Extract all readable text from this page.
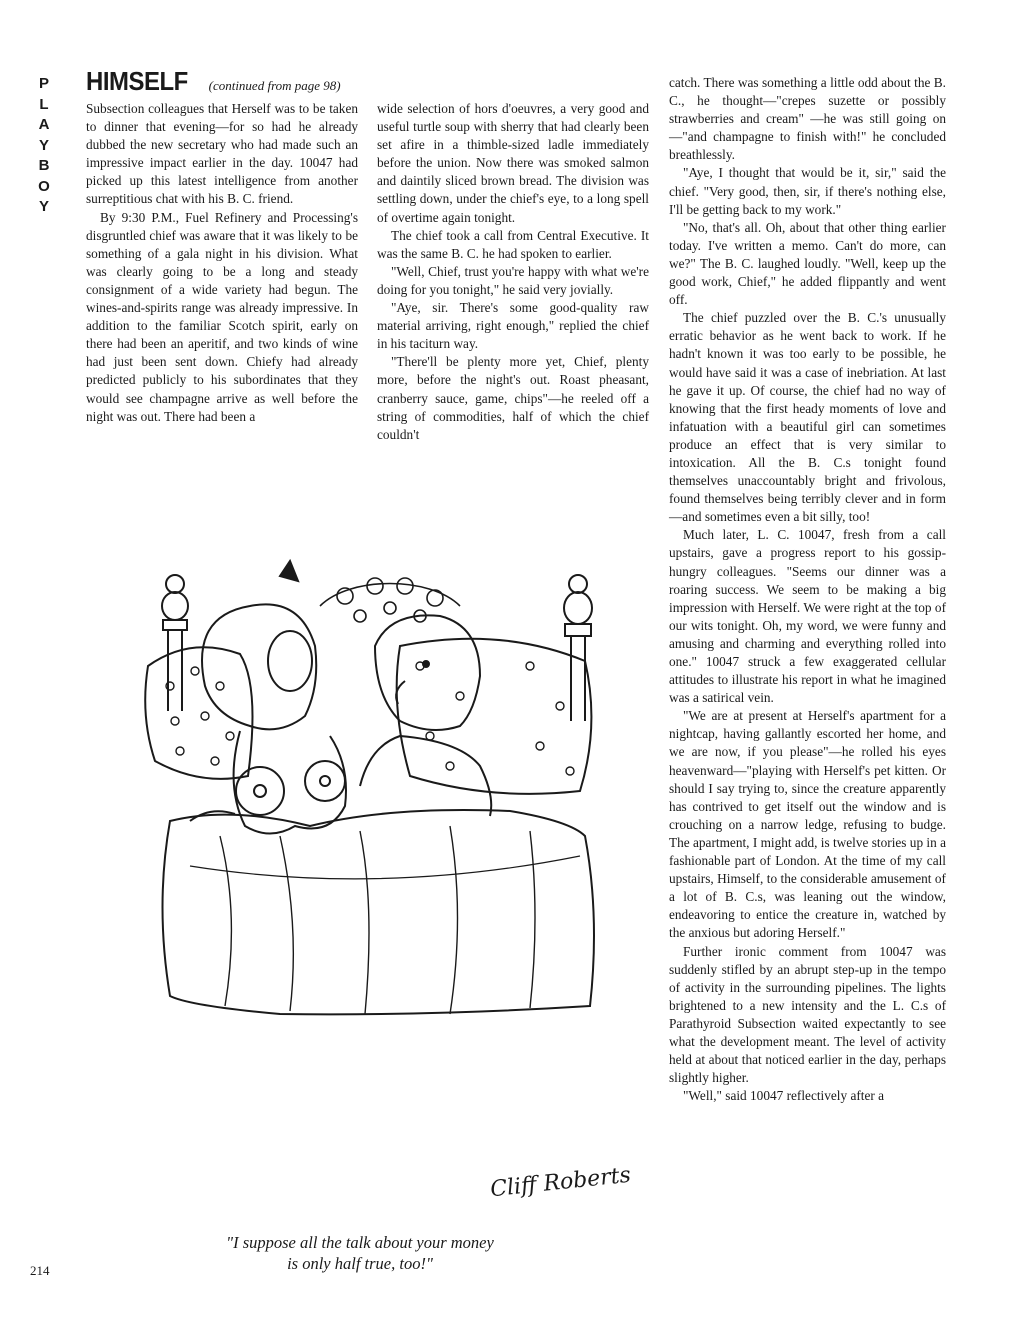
P
L
A
Y
B
O
Y
HIMSELF (continued from page 98)

Subsection colleagues that Herself was to be taken to dinner that evening—for so had he already dubbed the new secretary who had made such an impressive impact earlier in the day. 10047 had picked up this latest intelligence from another surreptitious chat with his B. C. friend.

By 9:30 P.M., Fuel Refinery and Processing's disgruntled chief was aware that it was likely to be something of a gala night in his division. What was clearly going to be a long and steady consignment of a wide variety had begun. The wines-and-spirits range was already impressive. In addition to the familiar Scotch spirit, early on there had been an aperitif, and two kinds of wine had just been sent down. Chiefy had already predicted publicly to his subordinates that they would see champagne arrive as well before the night was out. There had been a

wide selection of hors d'oeuvres, a very good and useful turtle soup with sherry that had clearly been set afire in a thimble-sized ladle immediately before the union. Now there was smoked salmon and daintily sliced brown bread. The division was settling down, under the chief's eye, to a long spell of overtime again tonight.

The chief took a call from Central Executive. It was the same B. C. he had spoken to earlier.

"Well, Chief, trust you're happy with what we're doing for you tonight," he said very jovially.

"Aye, sir. There's some good-quality raw material arriving, right enough," replied the chief in his taciturn way.

"There'll be plenty more yet, Chief, plenty more, before the night's out. Roast pheasant, cranberry sauce, game, chips"—he reeled off a string of commodities, half of which the chief couldn't

catch. There was something a little odd about the B. C., he thought—"crepes suzette or possibly strawberries and cream" —he was still going on—"and champagne to finish with!" he concluded breathlessly.

"Aye, I thought that would be it, sir," said the chief. "Very good, then, sir, if there's nothing else, I'll be getting back to my work."

"No, that's all. Oh, about that other thing earlier today. I've written a memo. Can't do more, can we?" The B. C. laughed loudly. "Well, keep up the good work, Chief," he added flippantly and went off.

The chief puzzled over the B. C.'s unusually erratic behavior as he went back to work. If he hadn't known it was too early to be possible, he would have said it was a case of inebriation. At last he gave it up. Of course, the chief had no way of knowing that the first heady moments of love and infatuation with a beautiful girl can sometimes produce an effect that is very similar to intoxication. All the B. C.s tonight found themselves unaccountably bright and frivolous, found themselves being terribly clever and in form—and sometimes even a bit silly, too!

Much later, L. C. 10047, fresh from a call upstairs, gave a progress report to his gossip-hungry colleagues. "Seems our dinner was a roaring success. We seem to be making a big impression with Herself. We were right at the top of our wits tonight. Oh, my word, we were funny and amusing and charming and everything rolled into one." 10047 struck a few exaggerated cellular attitudes to illustrate his report in what he imagined was a satirical vein.

"We are at present at Herself's apartment for a nightcap, having gallantly escorted her home, and we are now, if you please"—he rolled his eyes heavenward—"playing with Herself's pet kitten. Or should I say trying to, since the creature apparently has contrived to get itself out the window and is crouching on a narrow ledge, refusing to budge. The apartment, I might add, is twelve stories up in a fashionable part of London. At the time of my call upstairs, Himself, to the considerable amusement of a lot of B. C.s, was leaning out the window, endeavoring to entice the creature in, watched by the anxious but adoring Herself."

Further ironic comment from 10047 was suddenly stifled by an abrupt step-up in the tempo of activity in the surrounding pipelines. The lights brightened to a new intensity and the L. C.s of Parathyroid Subsection waited expectantly to see what the development meant. The level of activity held at about that noticed earlier in the day, perhaps slightly higher.

"Well," said 10047 reflectively after a

Cliff Roberts
"I suppose all the talk about your money
is only half true, too!"
214
